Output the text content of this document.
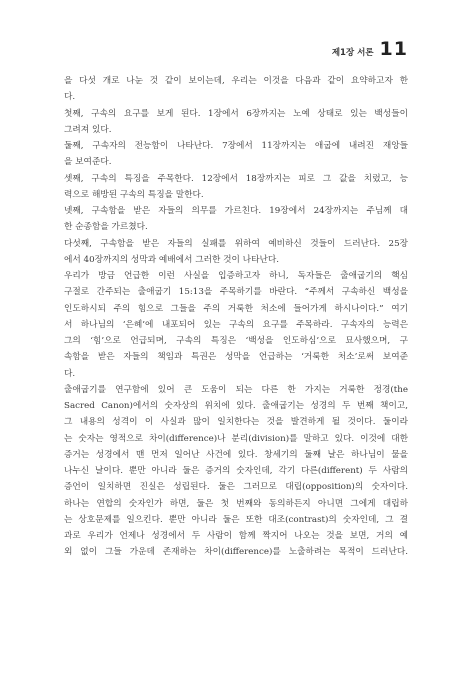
제1장 서론 11
을 다섯 개로 나눈 것 같이 보이는데, 우리는 이것을 다음과 같이 요약하고자 한
다.
첫째, 구속의 요구를 보게 된다. 1장에서 6장까지는 노예 상태로 있는 백성들이
그려져 있다.
둘째, 구속자의 전능함이 나타난다. 7장에서 11장까지는 애굽에 내려진 재앙들
을 보여준다.
셋째, 구속의 특징을 주목한다. 12장에서 18장까지는 피로 그 값을 치렀고, 능
력으로 해방된 구속의 특징을 말한다.
넷째, 구속함을 받은 자들의 의무를 가르친다. 19장에서 24장까지는 주님께 대
한 순종함을 가르쳤다.
다섯째, 구속함을 받은 자들의 실패를 위하여 예비하신 것들이 드러난다. 25장
에서 40장까지의 성막과 예배에서 그러한 것이 나타난다.
우리가 방금 언급한 이런 사실을 입증하고자 하니, 독자들은 출애굽기의 핵심
구절로 간주되는 출애굽기 15:13을 주목하기를 바란다. “주께서 구속하신 백성을
인도하시되 주의 힘으로 그들을 주의 거룩한 처소에 들어가게 하시나이다.” 여기
서 하나님의 ‘은혜’에 내포되어 있는 구속의 요구를 주목하라. 구속자의 능력은
그의 ‘힘’으로 언급되며, 구속의 특징은 ‘백성을 인도하심’으로 묘사했으며, 구
속함을 받은 자들의 책임과 특권은 성막을 언급하는 ‘거룩한 처소’로써 보여준
다.
출애굽기를 연구함에 있어 큰 도움이 되는 다른 한 가지는 거룩한 정경(the
Sacred Canon)에서의 숫자상의 위치에 있다. 출애굽기는 성경의 두 번째 책이고,
그 내용의 성격이 이 사실과 많이 일치한다는 것을 발견하게 될 것이다. 둘이라
는 숫자는 영적으로 차이(difference)나 분리(division)를 말하고 있다. 이것에 대한
증거는 성경에서 맨 먼저 일어난 사건에 있다. 창세기의 둘째 날은 하나님이 물을
나누신 날이다. 뿐만 아니라 둘은 증거의 숫자인데, 각기 다른(different) 두 사람의
증언이 일치하면 진실은 성립된다. 둘은 그러므로 대립(opposition)의 숫자이다.
하나는 연합의 숫자인가 하면, 둘은 첫 번째와 동의하든지 아니면 그에게 대립하
는 상호문제를 일으킨다. 뿐만 아니라 둘은 또한 대조(contrast)의 숫자인데, 그 결
과로 우리가 언제나 성경에서 두 사람이 함께 짝지어 나오는 것을 보면, 거의 예
외 없이 그들 가운데 존재하는 차이(difference)를 노출하려는 목적이 드러난다.
